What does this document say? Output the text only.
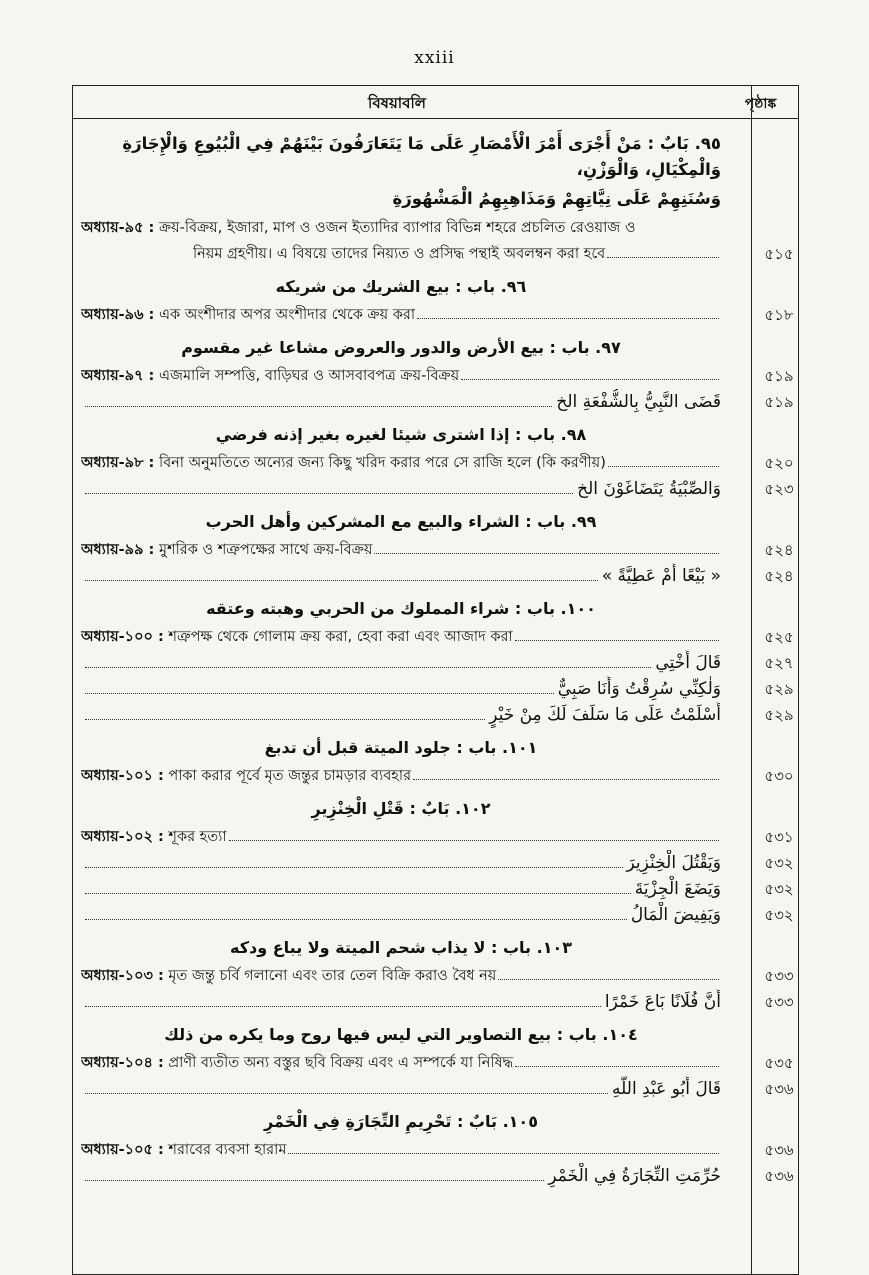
xxiii
বিষয়াবলি	পৃষ্ঠাঙ্ক
٩٥. بَابٌ : مَنْ أَجْرَى أَمْرَ الْأَمْصَارِ عَلَى مَا يَتَعَارَفُونَ بَيْنَهُمْ فِي الْبُيُوعِ وَالْإِجَارَةِ وَالْمِكْيَالِ، وَالْوَزْنِ،
وَسُنَنِهِمْ عَلَى نِيَّاتِهِمْ وَمَذَاهِبِهِمُ الْمَشْهُورَةِ
অধ্যায়-৯৫ :
ক্রয়-বিক্রয়, ইজারা, মাপ ও ওজন ইত্যাদির ব্যাপার বিভিন্ন শহরে প্রচলিত রেওয়াজ ও
নিয়ম গ্রহণীয়। এ বিষয়ে তাদের নিয়্যত ও প্রসিদ্ধ পন্থাই অবলম্বন করা হবে	৫১৫
٩٦. باب : بيع الشريك من شريكه
অধ্যায়-৯৬ :
এক অংশীদার অপর অংশীদার থেকে ক্রয় করা	৫১৮
٩٧. باب : بيع الأرض والدور والعروض مشاعا غير مقسوم
অধ্যায়-৯৭ :
এজমালি সম্পত্তি, বাড়িঘর ও আসবাবপত্র ক্রয়-বিক্রয়	৫১৯
قَضَى النَّبِيُّ بِالشُّفْعَةِ الخ	৫১৯
٩٨. باب : إذا اشترى شيئا لغيره بغير إذنه فرضي
অধ্যায়-৯৮ :
বিনা অনুমতিতে অন্যের জন্য কিছু খরিদ করার পরে সে রাজি হলে (কি করণীয়)	৫২০
وَالصِّبْيَةُ يَتَضَاغَوْنَ الخ	৫২৩
٩٩. باب : الشراء والبيع مع المشركين وأهل الحرب
অধ্যায়-৯৯ :
মুশরিক ও শত্রুপক্ষের সাথে ক্রয়-বিক্রয়	৫২৪
« بَيْعًا أَمْ عَطِيَّةً »	৫২৪
١٠٠. باب : شراء المملوك من الحربي وهبته وعتقه
অধ্যায়-১০০ :
শত্রুপক্ষ থেকে গোলাম ক্রয় করা, হেবা করা এবং আজাদ করা	৫২৫
قَالَ أُخْتِي	৫২৭
وَلٰكِنِّي سُرِقْتُ وَأَنَا صَبِيٌّ	৫২৯
أَسْلَمْتُ عَلَى مَا سَلَفَ لَكَ مِنْ خَيْرٍ	৫২৯
١٠١. باب : جلود الميتة قبل أن تدبغ
অধ্যায়-১০১ :
পাকা করার পূর্বে মৃত জন্তুর চামড়ার ব্যবহার	৫৩০
١٠٢. بَابٌ : قَتْلِ الْخِنْزِيرِ
অধ্যায়-১০২ :
শূকর হত্যা	৫৩১
وَيَقْتُلَ الْخِنْزِيرَ	৫৩২
وَيَضَعَ الْجِزْيَةَ	৫৩২
وَيَفِيضَ الْمَالُ	৫৩২
١٠٣. باب : لا يذاب شحم الميتة ولا يباع ودكه
অধ্যায়-১০৩ :
মৃত জন্তু চর্বি গলানো এবং তার তেল বিক্রি করাও বৈধ নয়	৫৩৩
أَنَّ فُلَانًا بَاعَ خَمْرًا	৫৩৩
١٠٤. باب : بيع التصاوير التي ليس فيها روح وما يكره من ذلك
অধ্যায়-১০৪ :
প্রাণী ব্যতীত অন্য বস্তুর ছবি বিক্রয় এবং এ সম্পর্কে যা নিষিদ্ধ	৫৩৫
قَالَ أَبُو عَبْدِ اللَّهِ	৫৩৬
١٠٥. بَابٌ : تَحْرِيمِ التِّجَارَةِ فِي الْخَمْرِ
অধ্যায়-১০৫ :
শরাবের ব্যবসা হারাম	৫৩৬
حُرِّمَتِ التِّجَارَةُ فِي الْخَمْرِ	৫৩৬
